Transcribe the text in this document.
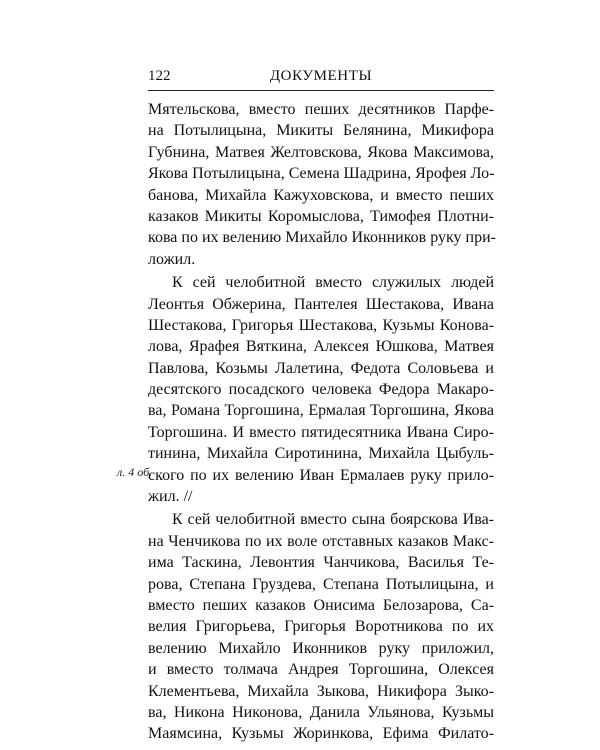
122	ДОКУМЕНТЫ
л. 4 об.
Мятельскова, вместо пеших десятников Парфе-
на Потылицына, Микиты Белянина, Микифора
Губнина, Матвея Желтовскова, Якова Максимова,
Якова Потылицына, Семена Шадрина, Ярофея Ло-
банова, Михайла Кажуховскова, и вместо пеших
казаков Микиты Коромыслова, Тимофея Плотни-
кова по их велению Михайло Иконников руку при-
ложил.
К сей челобитной вместо служилых людей
Леонтья Обжерина, Пантелея Шестакова, Ивана
Шестакова, Григорья Шестакова, Кузьмы Конова-
лова, Ярафея Вяткина, Алексея Юшкова, Матвея
Павлова, Козьмы Лалетина, Федота Соловьева и
десятского посадского человека Федора Макаро-
ва, Романа Торгошина, Ермалая Торгошина, Якова
Торгошина. И вместо пятидесятника Ивана Сиро-
тинина, Михайла Сиротинина, Михайла Цыбуль-
ского по их велению Иван Ермалаев руку прило-
жил. //
К сей челобитной вместо сына боярскова Ива-
на Ченчикова по их воле отставных казаков Макс-
има Таскина, Левонтия Чанчикова, Василья Те-
рова, Степана Груздева, Степана Потылицына, и
вместо пеших казаков Онисима Белозарова, Са-
велия Григорьева, Григорья Воротникова по их
велению Михайло Иконников руку приложил,
и вместо толмача Андрея Торгошина, Олексея
Клементьева, Михайла Зыкова, Никифора Зыко-
ва, Никона Никонова, Данила Ульянова, Кузьмы
Маямсина, Кузьмы Жоринкова, Ефима Филато-
